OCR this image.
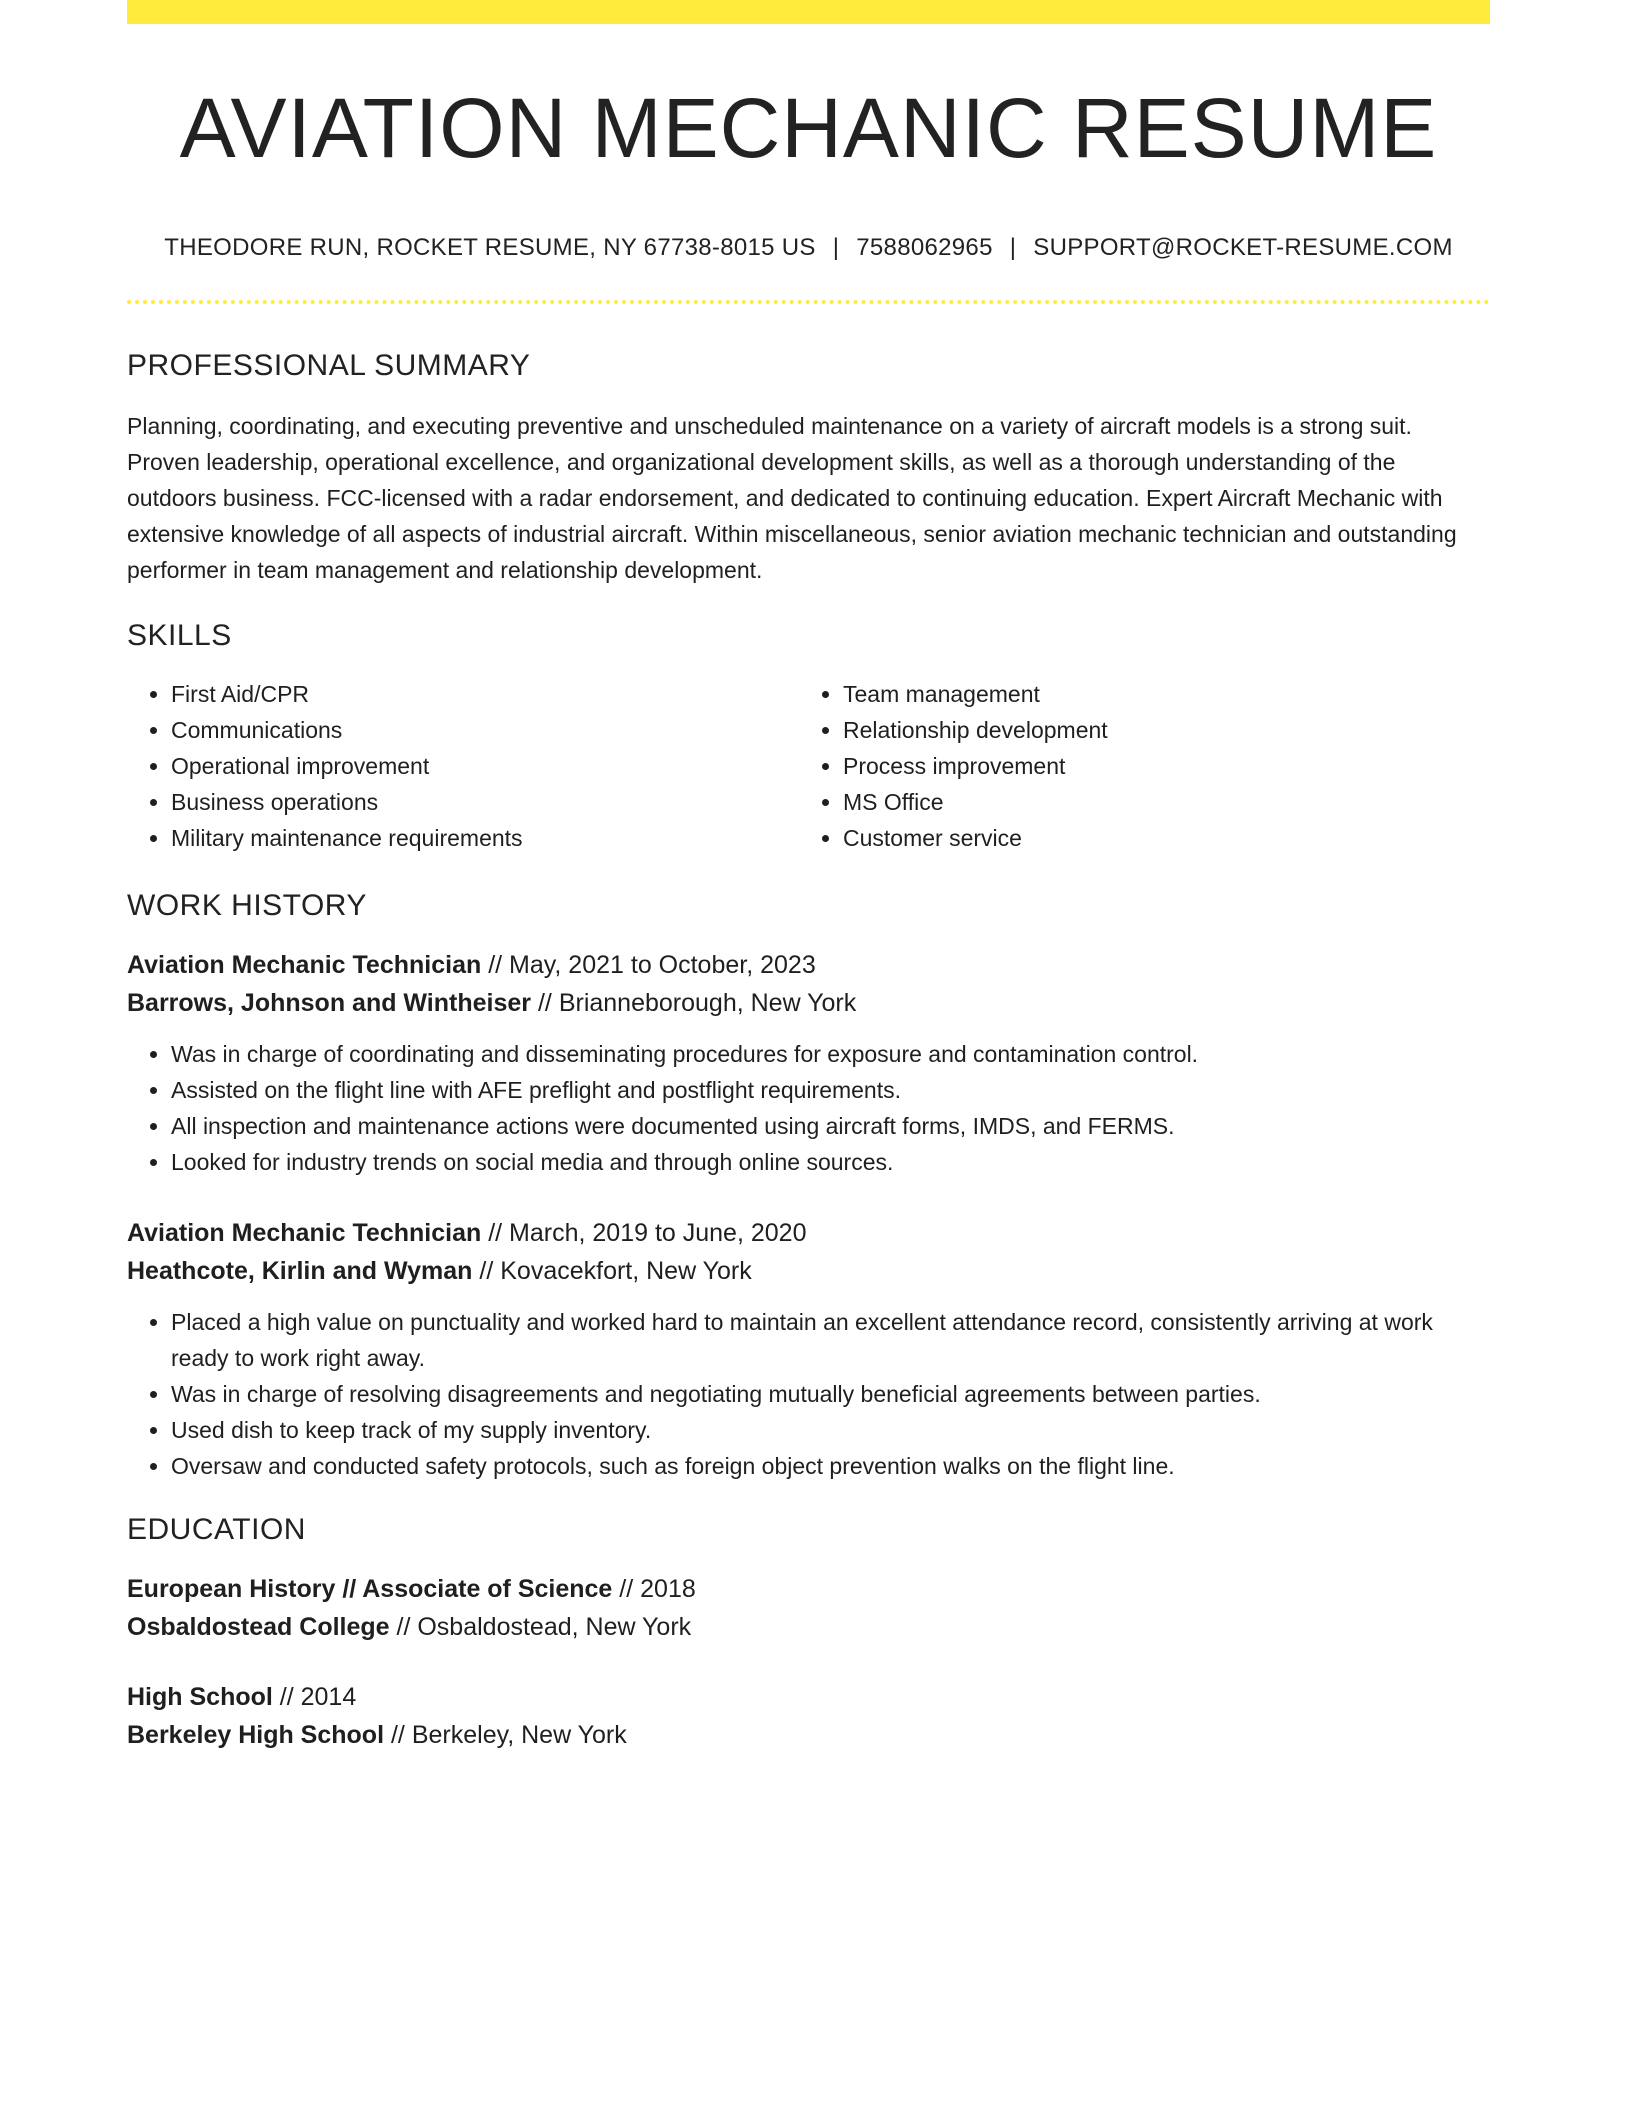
AVIATION MECHANIC RESUME
THEODORE RUN, ROCKET RESUME, NY 67738-8015 US | 7588062965 | SUPPORT@ROCKET-RESUME.COM
PROFESSIONAL SUMMARY

Planning, coordinating, and executing preventive and unscheduled maintenance on a variety of aircraft models is a strong suit. Proven leadership, operational excellence, and organizational development skills, as well as a thorough understanding of the outdoors business. FCC-licensed with a radar endorsement, and dedicated to continuing education. Expert Aircraft Mechanic with extensive knowledge of all aspects of industrial aircraft. Within miscellaneous, senior aviation mechanic technician and outstanding performer in team management and relationship development.

SKILLS
• First Aid/CPR
• Communications
• Operational improvement
• Business operations
• Military maintenance requirements
• Team management
• Relationship development
• Process improvement
• MS Office
• Customer service
WORK HISTORY
Aviation Mechanic Technician // May, 2021 to October, 2023
Barrows, Johnson and Wintheiser // Brianneborough, New York
• Was in charge of coordinating and disseminating procedures for exposure and contamination control.
• Assisted on the flight line with AFE preflight and postflight requirements.
• All inspection and maintenance actions were documented using aircraft forms, IMDS, and FERMS.
• Looked for industry trends on social media and through online sources.
Aviation Mechanic Technician // March, 2019 to June, 2020
Heathcote, Kirlin and Wyman // Kovacekfort, New York
• Placed a high value on punctuality and worked hard to maintain an excellent attendance record, consistently arriving at work ready to work right away.
• Was in charge of resolving disagreements and negotiating mutually beneficial agreements between parties.
• Used dish to keep track of my supply inventory.
• Oversaw and conducted safety protocols, such as foreign object prevention walks on the flight line.
EDUCATION
European History // Associate of Science // 2018
Osbaldostead College // Osbaldostead, New York
High School // 2014
Berkeley High School // Berkeley, New York
